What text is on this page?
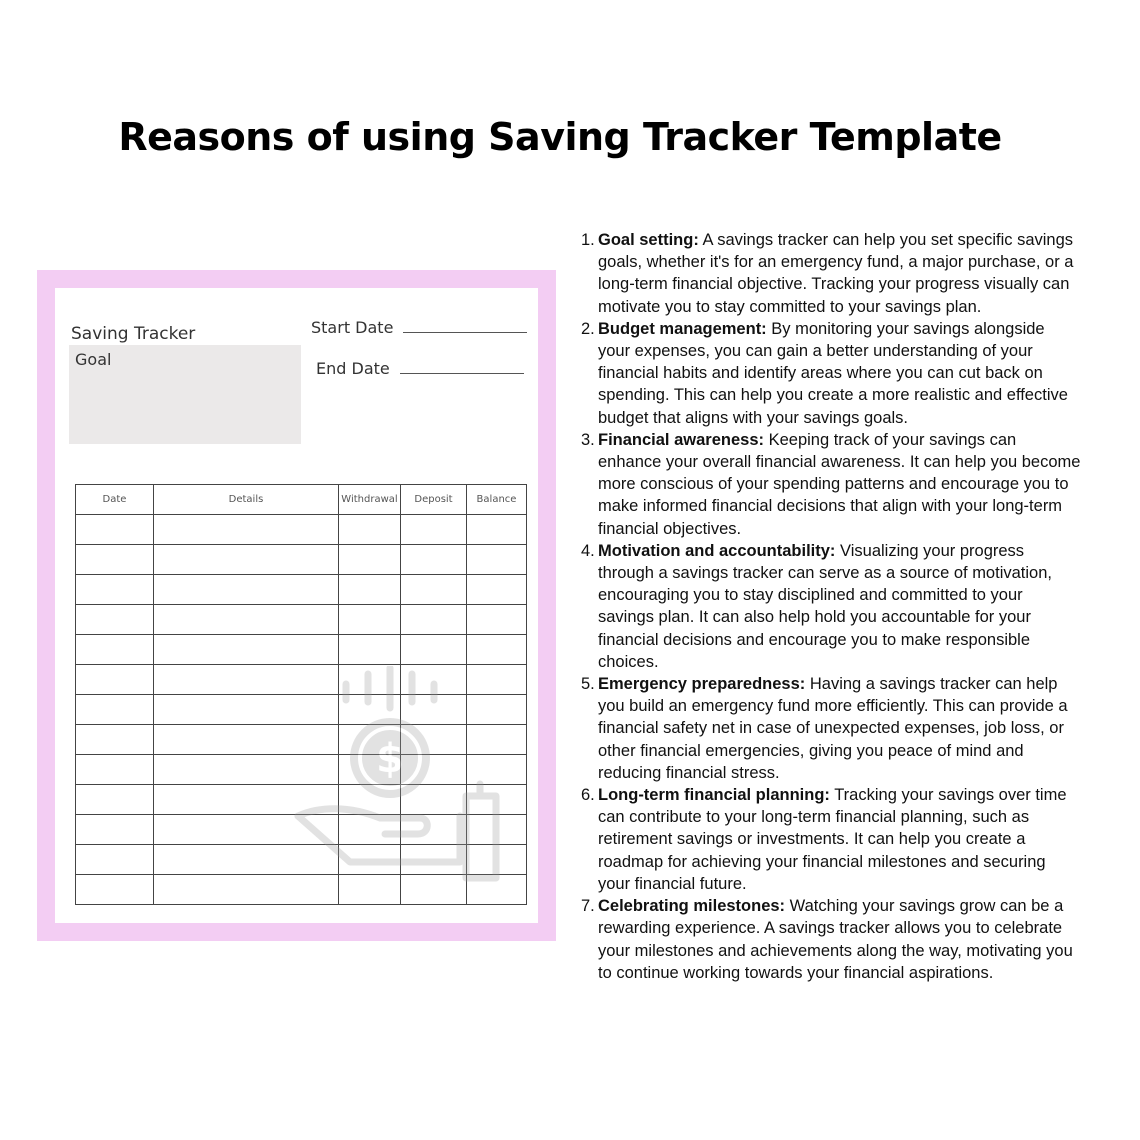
Reasons of using Saving Tracker Template
Saving Tracker
Goal
Start Date
End Date
Date	Details	Withdrawal	Deposit	Balance

$
1. Goal setting: A savings tracker can help you set specific savings goals, whether it's for an emergency fund, a major purchase, or a long-term financial objective. Tracking your progress visually can motivate you to stay committed to your savings plan.
2. Budget management: By monitoring your savings alongside your expenses, you can gain a better understanding of your financial habits and identify areas where you can cut back on spending. This can help you create a more realistic and effective budget that aligns with your savings goals.
3. Financial awareness: Keeping track of your savings can enhance your overall financial awareness. It can help you become more conscious of your spending patterns and encourage you to make informed financial decisions that align with your long-term financial objectives.
4. Motivation and accountability: Visualizing your progress through a savings tracker can serve as a source of motivation, encouraging you to stay disciplined and committed to your savings plan. It can also help hold you accountable for your financial decisions and encourage you to make responsible choices.
5. Emergency preparedness: Having a savings tracker can help you build an emergency fund more efficiently. This can provide a financial safety net in case of unexpected expenses, job loss, or other financial emergencies, giving you peace of mind and reducing financial stress.
6. Long-term financial planning: Tracking your savings over time can contribute to your long-term financial planning, such as retirement savings or investments. It can help you create a roadmap for achieving your financial milestones and securing your financial future.
7. Celebrating milestones: Watching your savings grow can be a rewarding experience. A savings tracker allows you to celebrate your milestones and achievements along the way, motivating you to continue working towards your financial aspirations.
